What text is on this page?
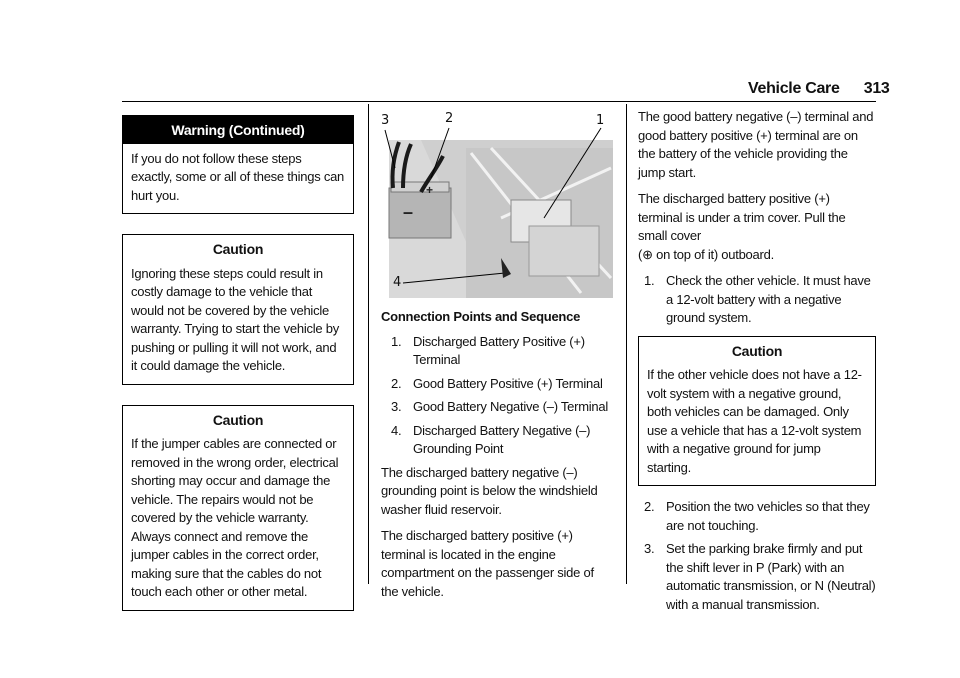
Vehicle Care 313
Warning (Continued)
If you do not follow these steps exactly, some or all of these things can hurt you.
Caution
Ignoring these steps could result in costly damage to the vehicle that would not be covered by the vehicle warranty. Trying to start the vehicle by pushing or pulling it will not work, and it could damage the vehicle.
Caution
If the jumper cables are connected or removed in the wrong order, electrical shorting may occur and damage the vehicle. The repairs would not be covered by the vehicle warranty. Always connect and remove the jumper cables in the correct order, making sure that the cables do not touch each other or other metal.
–
+
3	2	1
4
Connection Points and Sequence
1. Discharged Battery Positive (+) Terminal
2. Good Battery Positive (+) Terminal
3. Good Battery Negative (–) Terminal
4. Discharged Battery Negative (–) Grounding Point

The discharged battery negative (–) grounding point is below the windshield washer fluid reservoir.

The discharged battery positive (+) terminal is located in the engine compartment on the passenger side of the vehicle.

The good battery negative (–) terminal and good battery positive (+) terminal are on the battery of the vehicle providing the jump start.

The discharged battery positive (+) terminal is under a trim cover. Pull the small cover
(⊕ on top of it) outboard.

1. Check the other vehicle. It must have a 12-volt battery with a negative ground system.
Caution
If the other vehicle does not have a 12-volt system with a negative ground, both vehicles can be damaged. Only use a vehicle that has a 12-volt system with a negative ground for jump starting.
2. Position the two vehicles so that they are not touching.
3. Set the parking brake firmly and put the shift lever in P (Park) with an automatic transmission, or N (Neutral) with a manual transmission.
